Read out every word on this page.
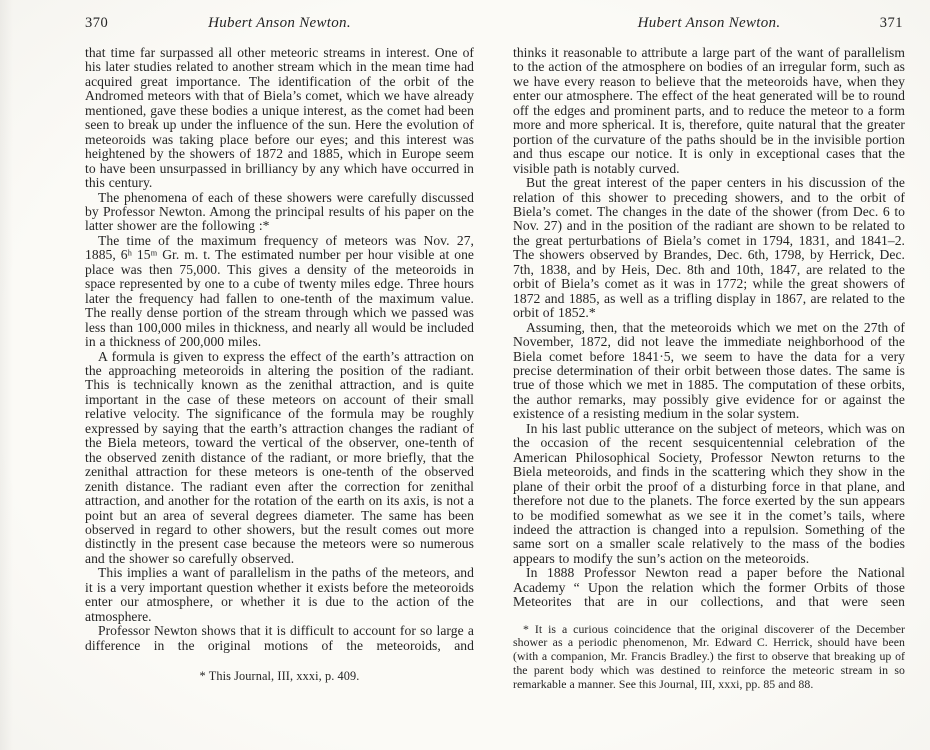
370	Hubert Anson Newton.

that time far surpassed all other meteoric streams in interest. One of his later studies related to another stream which in the mean time had acquired great importance. The identification of the orbit of the Andromed meteors with that of Biela’s comet, which we have already mentioned, gave these bodies a unique interest, as the comet had been seen to break up under the influence of the sun. Here the evolution of meteoroids was taking place before our eyes; and this interest was heightened by the showers of 1872 and 1885, which in Europe seem to have been unsurpassed in brilliancy by any which have occurred in this century.

The phenomena of each of these showers were carefully discussed by Professor Newton. Among the principal results of his paper on the latter shower are the following :*

The time of the maximum frequency of meteors was Nov. 27, 1885, 6ʰ 15ᵐ Gr. m. t. The estimated number per hour visible at one place was then 75,000. This gives a density of the meteoroids in space represented by one to a cube of twenty miles edge. Three hours later the frequency had fallen to one-tenth of the maximum value. The really dense portion of the stream through which we passed was less than 100,000 miles in thickness, and nearly all would be included in a thickness of 200,000 miles.

A formula is given to express the effect of the earth’s attraction on the approaching meteoroids in altering the position of the radiant. This is technically known as the zenithal attraction, and is quite important in the case of these meteors on account of their small relative velocity. The significance of the formula may be roughly expressed by saying that the earth’s attraction changes the radiant of the Biela meteors, toward the vertical of the observer, one-tenth of the observed zenith distance of the radiant, or more briefly, that the zenithal attraction for these meteors is one-tenth of the observed zenith distance. The radiant even after the correction for zenithal attraction, and another for the rotation of the earth on its axis, is not a point but an area of several degrees diameter. The same has been observed in regard to other showers, but the result comes out more distinctly in the present case because the meteors were so numerous and the shower so carefully observed.

This implies a want of parallelism in the paths of the meteors, and it is a very important question whether it exists before the meteoroids enter our atmosphere, or whether it is due to the action of the atmosphere.

Professor Newton shows that it is difficult to account for so large a difference in the original motions of the meteoroids, and

* This Journal, III, xxxi, p. 409.
Hubert Anson Newton.	371

thinks it reasonable to attribute a large part of the want of parallelism to the action of the atmosphere on bodies of an irregular form, such as we have every reason to believe that the meteoroids have, when they enter our atmosphere. The effect of the heat generated will be to round off the edges and prominent parts, and to reduce the meteor to a form more and more spherical. It is, therefore, quite natural that the greater portion of the curvature of the paths should be in the invisible portion and thus escape our notice. It is only in exceptional cases that the visible path is notably curved.

But the great interest of the paper centers in his discussion of the relation of this shower to preceding showers, and to the orbit of Biela’s comet. The changes in the date of the shower (from Dec. 6 to Nov. 27) and in the position of the radiant are shown to be related to the great perturbations of Biela’s comet in 1794, 1831, and 1841–2. The showers observed by Brandes, Dec. 6th, 1798, by Herrick, Dec. 7th, 1838, and by Heis, Dec. 8th and 10th, 1847, are related to the orbit of Biela’s comet as it was in 1772; while the great showers of 1872 and 1885, as well as a trifling display in 1867, are related to the orbit of 1852.*

Assuming, then, that the meteoroids which we met on the 27th of November, 1872, did not leave the immediate neighborhood of the Biela comet before 1841·5, we seem to have the data for a very precise determination of their orbit between those dates. The same is true of those which we met in 1885. The computation of these orbits, the author remarks, may possibly give evidence for or against the existence of a resisting medium in the solar system.

In his last public utterance on the subject of meteors, which was on the occasion of the recent sesquicentennial celebration of the American Philosophical Society, Professor Newton returns to the Biela meteoroids, and finds in the scattering which they show in the plane of their orbit the proof of a disturbing force in that plane, and therefore not due to the planets. The force exerted by the sun appears to be modified somewhat as we see it in the comet’s tails, where indeed the attraction is changed into a repulsion. Something of the same sort on a smaller scale relatively to the mass of the bodies appears to modify the sun’s action on the meteoroids.

In 1888 Professor Newton read a paper before the National Academy “ Upon the relation which the former Orbits of those Meteorites that are in our collections, and that were seen

* It is a curious coincidence that the original discoverer of the December shower as a periodic phenomenon, Mr. Edward C. Herrick, should have been (with a companion, Mr. Francis Bradley.) the first to observe that breaking up of the parent body which was destined to reinforce the meteoric stream in so remarkable a manner. See this Journal, III, xxxi, pp. 85 and 88.
